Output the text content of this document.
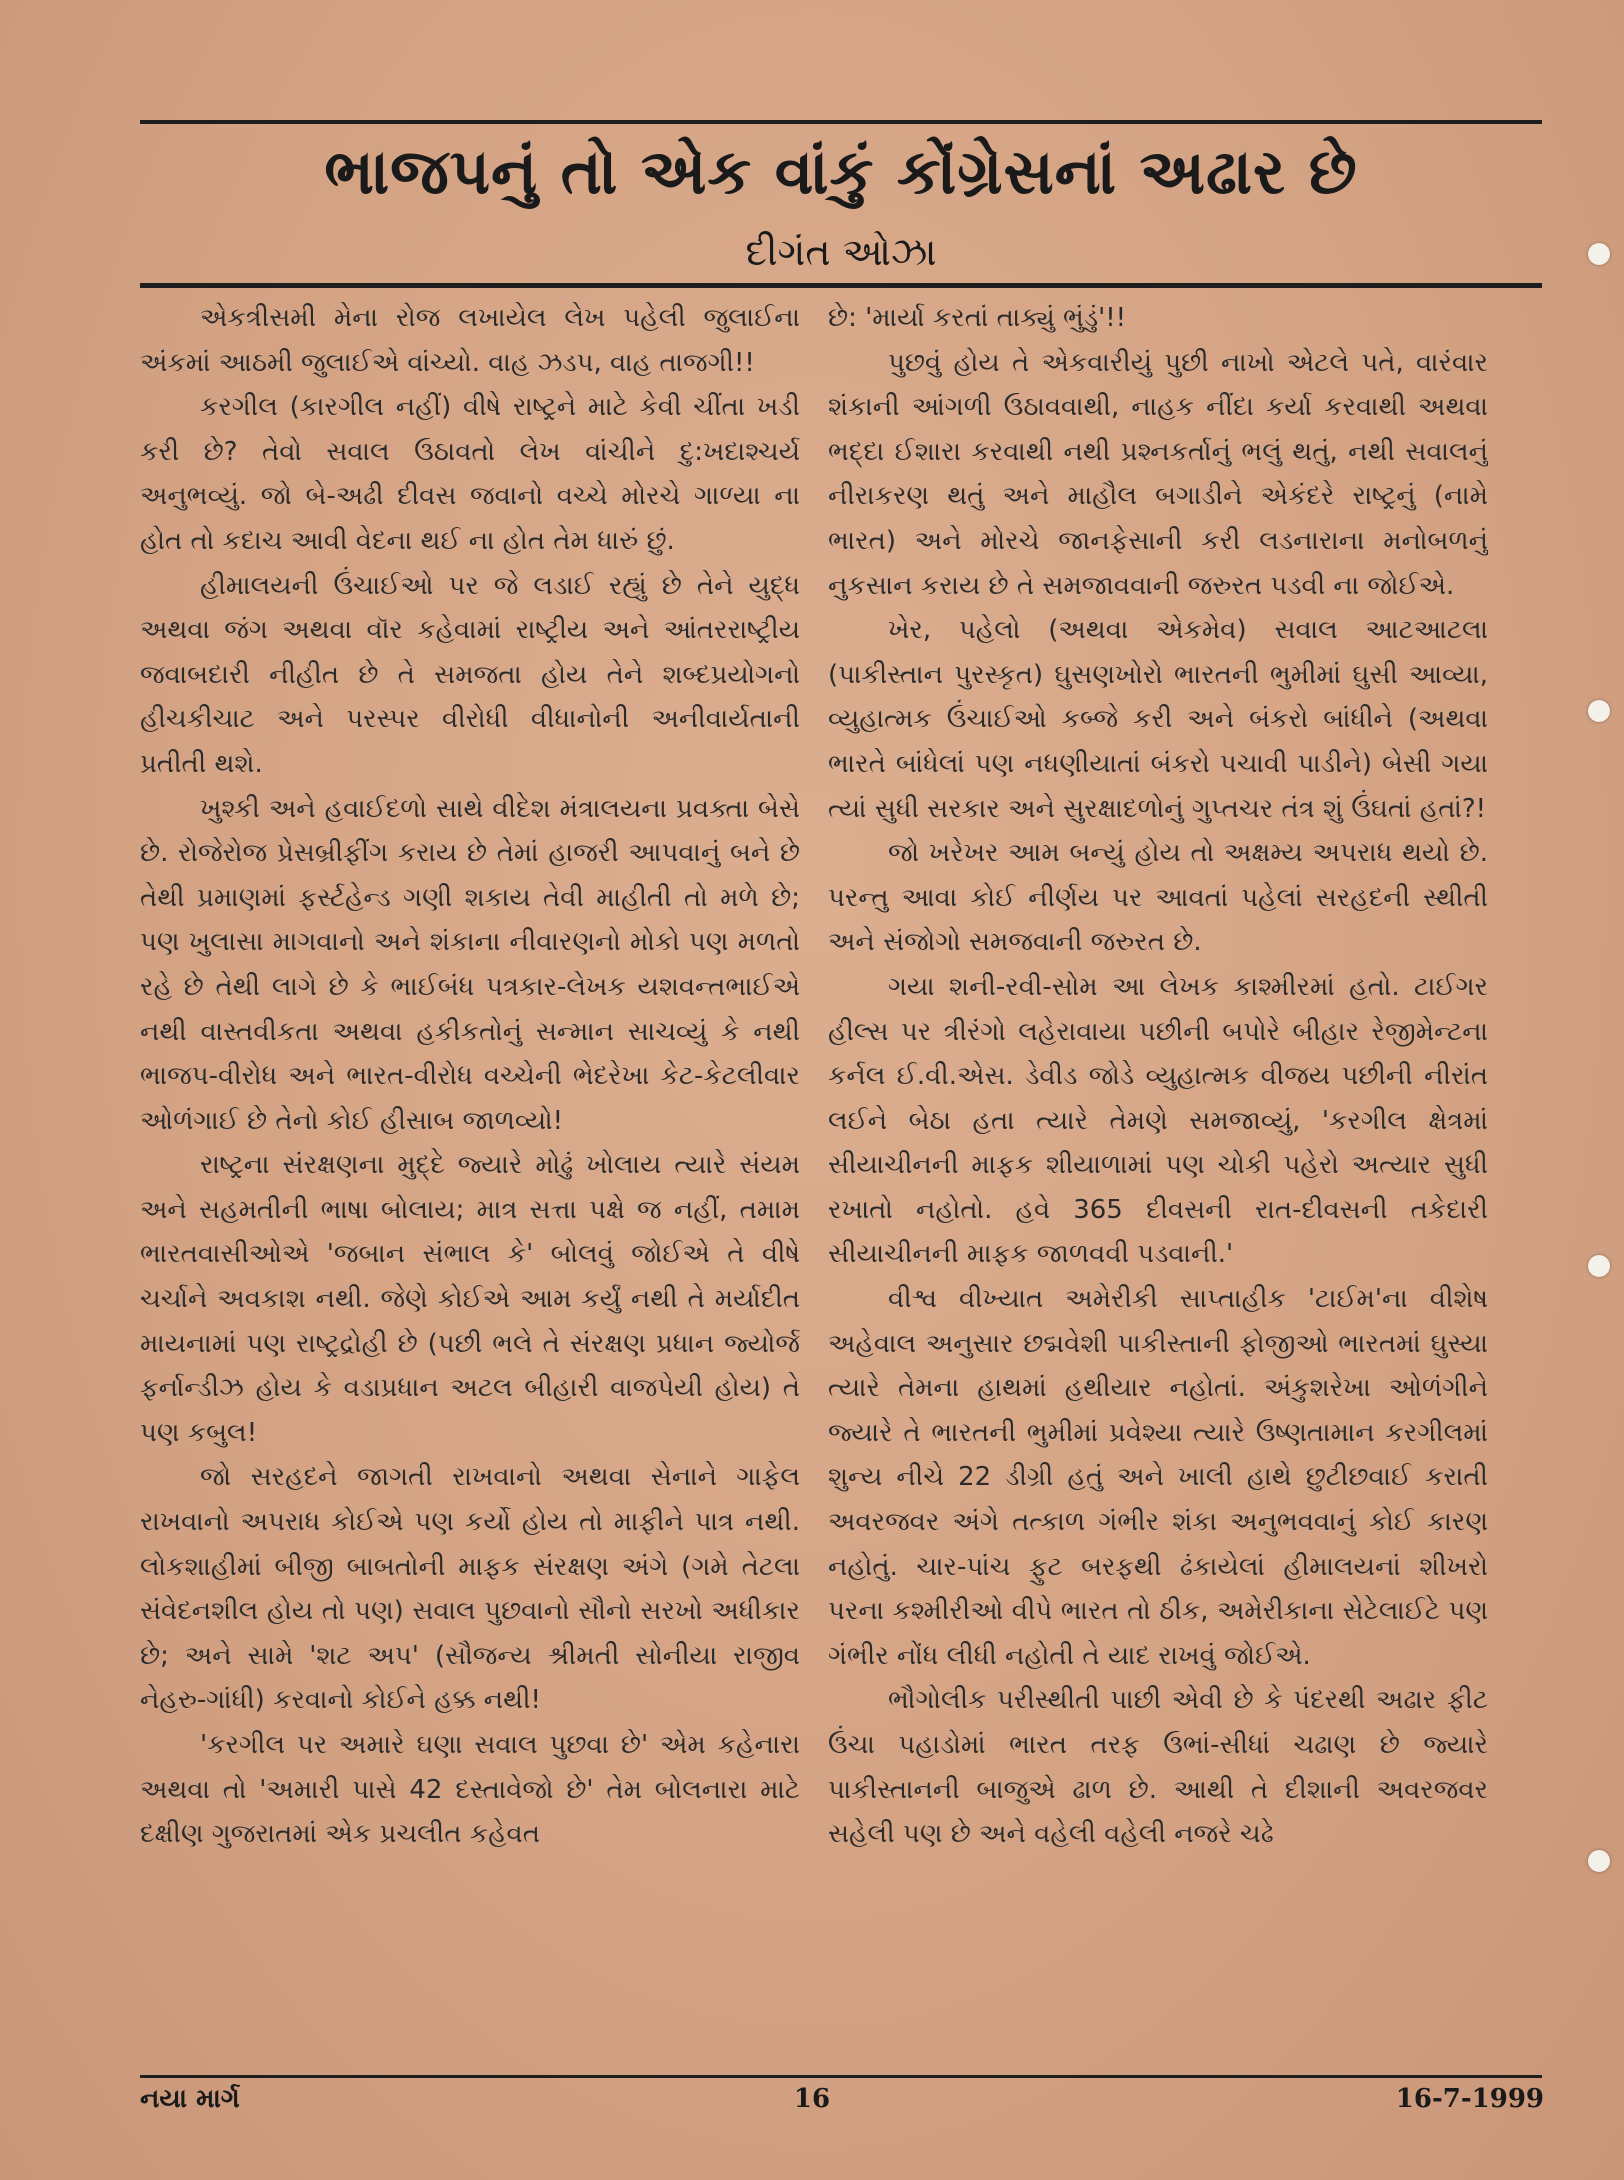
ભાજપનું તો એક વાંકું કોંગ્રેસનાં અઢાર છે
દીગંત ઓઝા

એકત્રીસમી મેના રોજ લખાયેલ લેખ પહેલી જુલાઈના અંકમાં આઠમી જુલાઈએ વાંચ્યો. વાહ ઝડપ, વાહ તાજગી!!

કરગીલ (કારગીલ નહીં) વીષે રાષ્ટ્રને માટે કેવી ચીંતા ખડી કરી છે? તેવો સવાલ ઉઠાવતો લેખ વાંચીને દુ:ખદાશ્ચર્ય અનુભવ્યું. જો બે-અઢી દીવસ જવાનો વચ્ચે મોરચે ગાળ્યા ના હોત તો કદાચ આવી વેદના થઈ ના હોત તેમ ધારું છું.

હીમાલયની ઉંચાઈઓ પર જે લડાઈ રહ્યું છે તેને યુદ્ધ અથવા જંગ અથવા વૉર કહેવામાં રાષ્ટ્રીય અને આંતરરાષ્ટ્રીય જવાબદારી નીહીત છે તે સમજતા હોય તેને શબ્દપ્રયોગનો હીચકીચાટ અને પરસ્પર વીરોધી વીધાનોની અનીવાર્યતાની પ્રતીતી થશે.

ખુશ્કી અને હવાઈદળો સાથે વીદેશ મંત્રાલયના પ્રવક્તા બેસે છે. રોજેરોજ પ્રેસબ્રીફીંગ કરાય છે તેમાં હાજરી આપવાનું બને છે તેથી પ્રમાણમાં ફર્સ્ટહેન્ડ ગણી શકાય તેવી માહીતી તો મળે છે; પણ ખુલાસા માગવાનો અને શંકાના નીવારણનો મોકો પણ મળતો રહે છે તેથી લાગે છે કે ભાઈબંધ પત્રકાર-લેખક યશવન્તભાઈએ નથી વાસ્તવીકતા અથવા હકીકતોનું સન્માન સાચવ્યું કે નથી ભાજપ-વીરોધ અને ભારત-વીરોધ વચ્ચેની ભેદરેખા કેટ-કેટલીવાર ઓળંગાઈ છે તેનો કોઈ હીસાબ જાળવ્યો!

રાષ્ટ્રના સંરક્ષણના મુદ્દે જ્યારે મોઢું ખોલાય ત્યારે સંયમ અને સહમતીની ભાષા બોલાય; માત્ર સત્તા પક્ષે જ નહીં, તમામ ભારતવાસીઓએ 'જબાન સંભાલ કે' બોલવું જોઈએ તે વીષે ચર્ચાને અવકાશ નથી. જેણે કોઈએ આમ કર્યું નથી તે મર્યાદીત માયનામાં પણ રાષ્ટ્રદ્રોહી છે (પછી ભલે તે સંરક્ષણ પ્રધાન જ્યોર્જ ફર્નાન્ડીઝ હોય કે વડાપ્રધાન અટલ બીહારી વાજપેયી હોય) તે પણ કબુલ!

જો સરહદને જાગતી રાખવાનો અથવા સેનાને ગાફેલ રાખવાનો અપરાધ કોઈએ પણ કર્યો હોય તો માફીને પાત્ર નથી. લોકશાહીમાં બીજી બાબતોની માફક સંરક્ષણ અંગે (ગમે તેટલા સંવેદનશીલ હોય તો પણ) સવાલ પુછવાનો સૌનો સરખો અધીકાર છે; અને સામે 'શટ અપ' (સૌજન્ય શ્રીમતી સોનીયા રાજીવ નેહરુ-ગાંધી) કરવાનો કોઈને હક્ક નથી!

'કરગીલ પર અમારે ઘણા સવાલ પુછવા છે' એમ કહેનારા અથવા તો 'અમારી પાસે 42 દસ્તાવેજો છે' તેમ બોલનારા માટે દક્ષીણ ગુજરાતમાં એક પ્રચલીત કહેવત

છે: 'માર્યા કરતાં તાક્યું ભુંડું'!!

પુછવું હોય તે એકવારીયું પુછી નાખો એટલે પતે, વારંવાર શંકાની આંગળી ઉઠાવવાથી, નાહક નીંદા કર્યા કરવાથી અથવા ભદ્દા ઈશારા કરવાથી નથી પ્રશ્નકર્તાનું ભલું થતું, નથી સવાલનું નીરાકરણ થતું અને માહૌલ બગાડીને એકંદરે રાષ્ટ્રનું (નામે ભારત) અને મોરચે જાનફેસાની કરી લડનારાના મનોબળનું નુકસાન કરાય છે તે સમજાવવાની જરુરત પડવી ના જોઈએ.

ખેર, પહેલો (અથવા એકમેવ) સવાલ આટઆટલા (પાકીસ્તાન પુરસ્કૃત) ઘુસણખોરો ભારતની ભુમીમાં ઘુસી આવ્યા, વ્યુહાત્મક ઉંચાઈઓ કબ્જે કરી અને બંકરો બાંધીને (અથવા ભારતે બાંધેલાં પણ નધણીયાતાં બંકરો પચાવી પાડીને) બેસી ગયા ત્યાં સુધી સરકાર અને સુરક્ષાદળોનું ગુપ્તચર તંત્ર શું ઉંઘતાં હતાં?!

જો ખરેખર આમ બન્યું હોય તો અક્ષમ્ય અપરાધ થયો છે. પરન્તુ આવા કોઈ નીર્ણય પર આવતાં પહેલાં સરહદની સ્થીતી અને સંજોગો સમજવાની જરુરત છે.

ગયા શની-રવી-સોમ આ લેખક કાશ્મીરમાં હતો. ટાઈગર હીલ્સ પર ત્રીરંગો લહેરાવાયા પછીની બપોરે બીહાર રેજીમેન્ટના કર્નલ ઈ.વી.એસ. ડેવીડ જોડે વ્યુહાત્મક વીજય પછીની નીરાંત લઈને બેઠા હતા ત્યારે તેમણે સમજાવ્યું, 'કરગીલ ક્ષેત્રમાં સીયાચીનની માફક શીયાળામાં પણ ચોકી પહેરો અત્યાર સુધી રખાતો નહોતો. હવે 365 દીવસની રાત-દીવસની તકેદારી સીયાચીનની માફક જાળવવી પડવાની.'

વીશ્વ વીખ્યાત અમેરીકી સાપ્તાહીક 'ટાઈમ'ના વીશેષ અહેવાલ અનુસાર છદ્મવેશી પાકીસ્તાની ફોજીઓ ભારતમાં ઘુસ્યા ત્યારે તેમના હાથમાં હથીયાર નહોતાં. અંકુશરેખા ઓળંગીને જ્યારે તે ભારતની ભુમીમાં પ્રવેશ્યા ત્યારે ઉષ્ણતામાન કરગીલમાં શુન્ય નીચે 22 ડીગ્રી હતું અને ખાલી હાથે છુટીછવાઈ કરાતી અવરજવર અંગે તત્કાળ ગંભીર શંકા અનુભવવાનું કોઈ કારણ નહોતું. ચાર-પાંચ ફુટ બરફથી ઢંકાયેલાં હીમાલયનાં શીખરો પરના કશ્મીરીઓ વીપે ભારત તો ઠીક, અમેરીકાના સેટેલાઈટે પણ ગંભીર નોંધ લીધી નહોતી તે યાદ રાખવું જોઈએ.

ભૌગોલીક પરીસ્થીતી પાછી એવી છે કે પંદરથી અઢાર ફીટ ઉંચા પહાડોમાં ભારત તરફ ઉભાં-સીધાં ચઢાણ છે જ્યારે પાકીસ્તાનની બાજુએ ઢાળ છે. આથી તે દીશાની અવરજવર સહેલી પણ છે અને વહેલી વહેલી નજરે ચઢે

નયા માર્ગ	16	16-7-1999
